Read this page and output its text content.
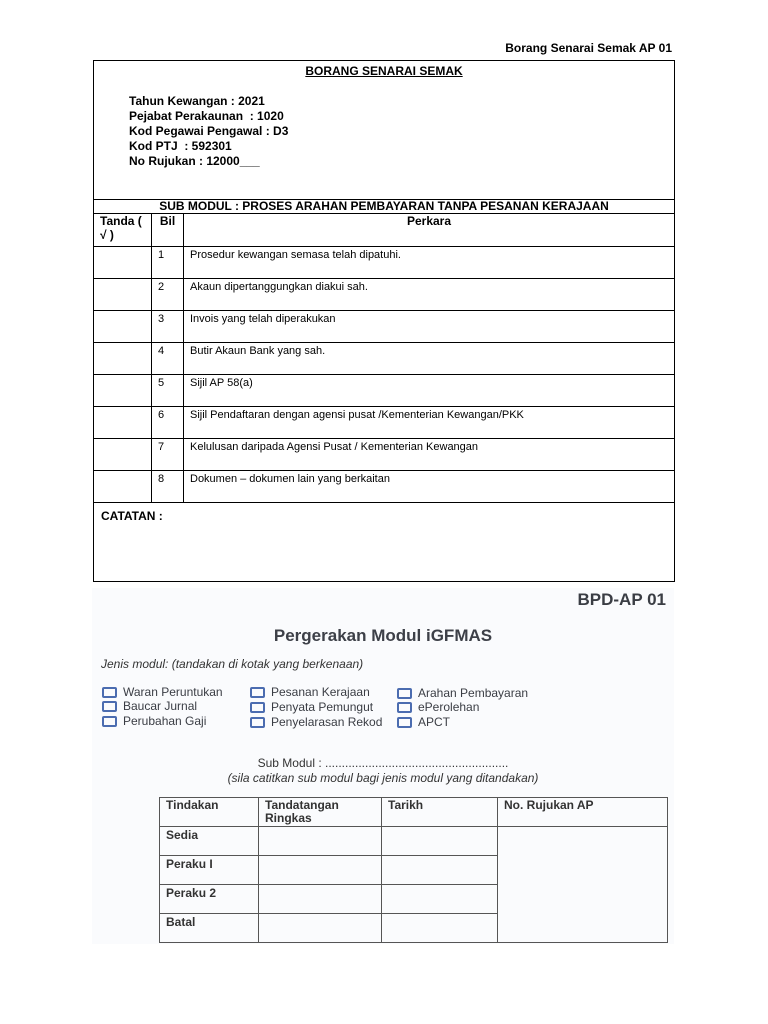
Borang Senarai Semak AP 01
BORANG SENARAI SEMAK
Tahun Kewangan : 2021
Pejabat Perakaunan  : 1020
Kod Pegawai Pengawal : D3
Kod PTJ  : 592301
No Rujukan : 12000___
SUB MODUL : PROSES ARAHAN PEMBAYARAN TANPA PESANAN KERAJAAN		
Tanda ( √ )	Bil	Perkara
	1	Prosedur kewangan semasa telah dipatuhi.
	2	Akaun dipertanggungkan diakui sah.
	3	Invois yang telah diperakukan
	4	Butir Akaun Bank yang sah.
	5	Sijil AP 58(a)
	6	Sijil Pendaftaran dengan agensi pusat /Kementerian Kewangan/PKK
	7	Kelulusan daripada Agensi Pusat / Kementerian Kewangan
	8	Dokumen – dokumen lain yang berkaitan
CATATAN :
BPD-AP 01
Pergerakan Modul iGFMAS
Jenis modul: (tandakan di kotak yang berkenaan)
Waran Peruntukan
Baucar Jurnal
Perubahan Gaji
Pesanan Kerajaan
Penyata Pemungut
Penyelarasan Rekod
Arahan Pembayaran
ePerolehan
APCT
Sub Modul : .......................................................
(sila catitkan sub modul bagi jenis modul yang ditandakan)
Tindakan	Tandatangan Ringkas	Tarikh	No. Rujukan AP
Sedia			
Peraku I			
Peraku 2			
Batal			
